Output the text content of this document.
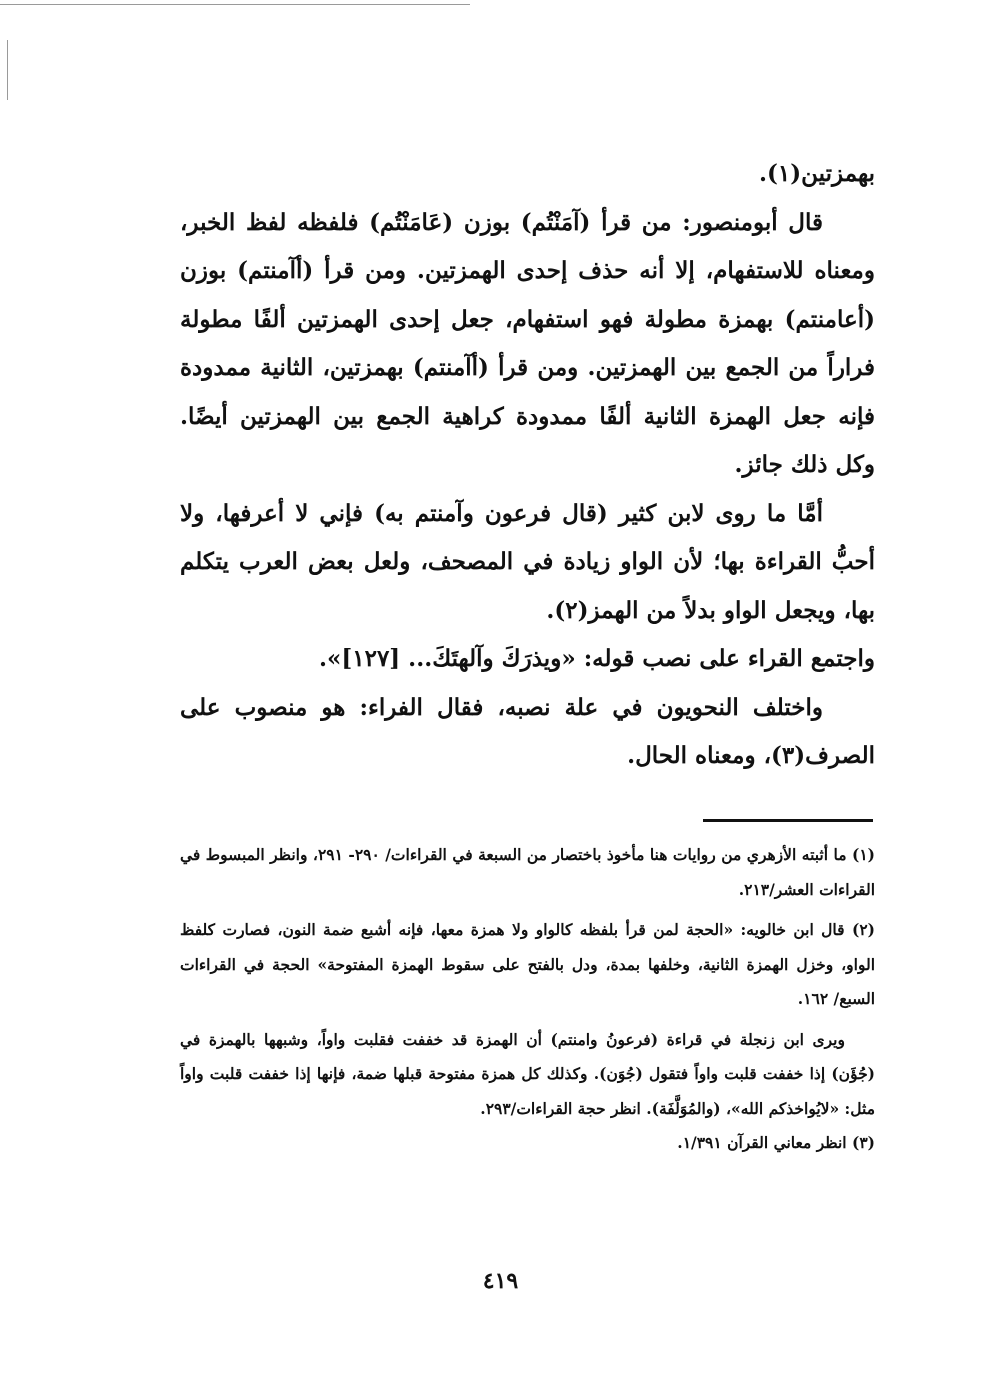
بهمزتين(١).

قال أبومنصور: من قرأ (آمَنْتُم) بوزن (عَامَنْتُم) فلفظه لفظ الخبر، ومعناه للاستفهام، إلا أنه حذف إحدى الهمزتين. ومن قرأ (أآمنتم) بوزن (أعامنتم) بهمزة مطولة فهو استفهام، جعل إحدى الهمزتين ألفًا مطولة فراراً من الجمع بين الهمزتين. ومن قرأ (أآمنتم) بهمزتين، الثانية ممدودة فإنه جعل الهمزة الثانية ألفًا ممدودة كراهية الجمع بين الهمزتين أيضًا. وكل ذلك جائز.

أمَّا ما روى لابن كثير (قال فرعون وآمنتم به) فإني لا أعرفها، ولا أحبُّ القراءة بها؛ لأن الواو زيادة في المصحف، ولعل بعض العرب يتكلم بها، ويجعل الواو بدلاً من الهمز(٢).

واجتمع القراء على نصب قوله: «ويذرَكَ وآلهتَكَ... [١٢٧]».

واختلف النحويون في علة نصبه، فقال الفراء: هو منصوب على الصرف(٣)، ومعناه الحال.

(١) ما أثبته الأزهري من روايات هنا مأخوذ باختصار من السبعة في القراءات/ ٢٩٠- ٢٩١، وانظر المبسوط في القراءات العشر/٢١٣.

(٢) قال ابن خالويه: «الحجة لمن قرأ بلفظه كالواو ولا همزة معها، فإنه أشبع ضمة النون، فصارت كلفظ الواو، وخزل الهمزة الثانية، وخلفها بمدة، ودل بالفتح على سقوط الهمزة المفتوحة» الحجة في القراءات السبع/ ١٦٢.

ويرى ابن زنجلة في قراءة (فرعونُ وامنتم) أن الهمزة قد خففت فقلبت واواً، وشبهها بالهمزة في (جُؤَن) إذا خففت قلبت واواً فتقول (جُوَن). وكذلك كل همزة مفتوحة قبلها ضمة، فإنها إذا خففت قلبت واواً مثل: «لايُواخذكم الله»، (والمُوَلَّفَة). انظر حجة القراءات/٢٩٣.

(٣) انظر معاني القرآن ١/٣٩١.

٤١٩
